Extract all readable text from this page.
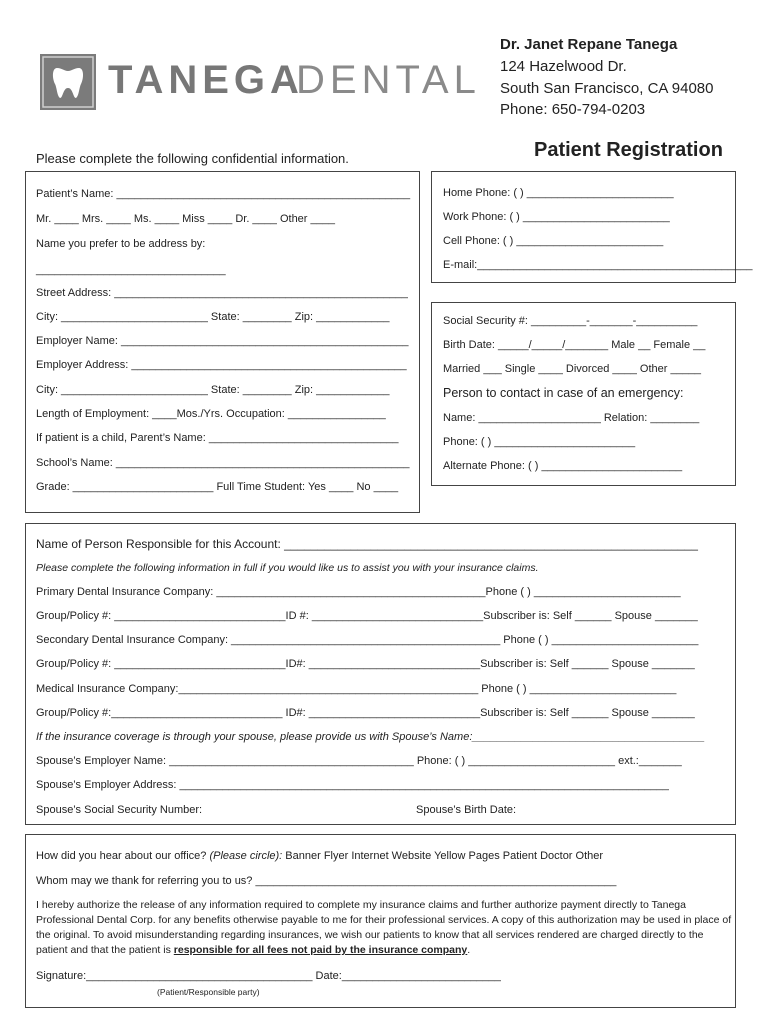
TANEGA
DENTAL
Dr. Janet Repane Tanega
124 Hazelwood Dr.
South San Francisco, CA 94080
Phone: 650-794-0203
Patient Registration
Please complete the following confidential information.
Patient’s Name: ________________________________________________
Mr. ____ Mrs. ____ Ms. ____ Miss ____ Dr. ____ Other ____
Name you prefer to be address by:
_______________________________
Street Address: ________________________________________________
City: ________________________ State: ________ Zip: ____________
Employer Name: _______________________________________________
Employer Address: _____________________________________________
City: ________________________ State: ________ Zip: ____________
Length of Employment: ____Mos./Yrs. Occupation: ________________
If patient is a child, Parent’s Name: _______________________________
School’s Name: ________________________________________________
Grade: _______________________ Full Time Student: Yes ____ No ____
Home Phone: ( ) ________________________
Work Phone: ( ) ________________________
Cell Phone: ( ) ________________________
E-mail:_____________________________________________
Social Security #: _________-_______-__________
Birth Date: _____/_____/_______ Male __ Female __
Married ___ Single ____ Divorced ____ Other _____
Person to contact in case of an emergency:
Name: ____________________ Relation: ________
Phone: ( ) _______________________
Alternate Phone: ( ) _______________________
Name of Person Responsible for this Account: ______________________________________________________________
Please complete the following information in full if you would like us to assist you with your insurance claims.
Primary Dental Insurance Company: ____________________________________________Phone ( ) ________________________
Group/Policy #: ____________________________ID #: ____________________________Subscriber is: Self ______ Spouse _______
Secondary Dental Insurance Company: ____________________________________________ Phone ( ) ________________________
Group/Policy #: ____________________________ID#: ____________________________Subscriber is: Self ______ Spouse _______
Medical Insurance Company:_________________________________________________ Phone ( ) ________________________
Group/Policy #:____________________________ ID#: ____________________________Subscriber is: Self ______ Spouse _______
If the insurance coverage is through your spouse, please provide us with Spouse’s Name:______________________________________
Spouse’s Employer Name: ________________________________________ Phone: ( ) ________________________ ext.:_______
Spouse’s Employer Address: ________________________________________________________________________________
Spouse’s Social Security Number:	Spouse’s Birth Date:
How did you hear about our office? (Please circle): Banner Flyer Internet Website Yellow Pages Patient Doctor Other
Whom may we thank for referring you to us? ___________________________________________________________
I hereby authorize the release of any information required to complete my insurance claims and further authorize payment directly to Tanega Professional Dental Corp. for any benefits otherwise payable to me for their professional services. A copy of this authorization may be used in place of the original. To avoid misunderstanding regarding insurances, we wish our patients to know that all services rendered are charged directly to the patient and that the patient is responsible for all fees not paid by the insurance company.
Signature:_____________________________________ Date:__________________________
(Patient/Responsible party)
